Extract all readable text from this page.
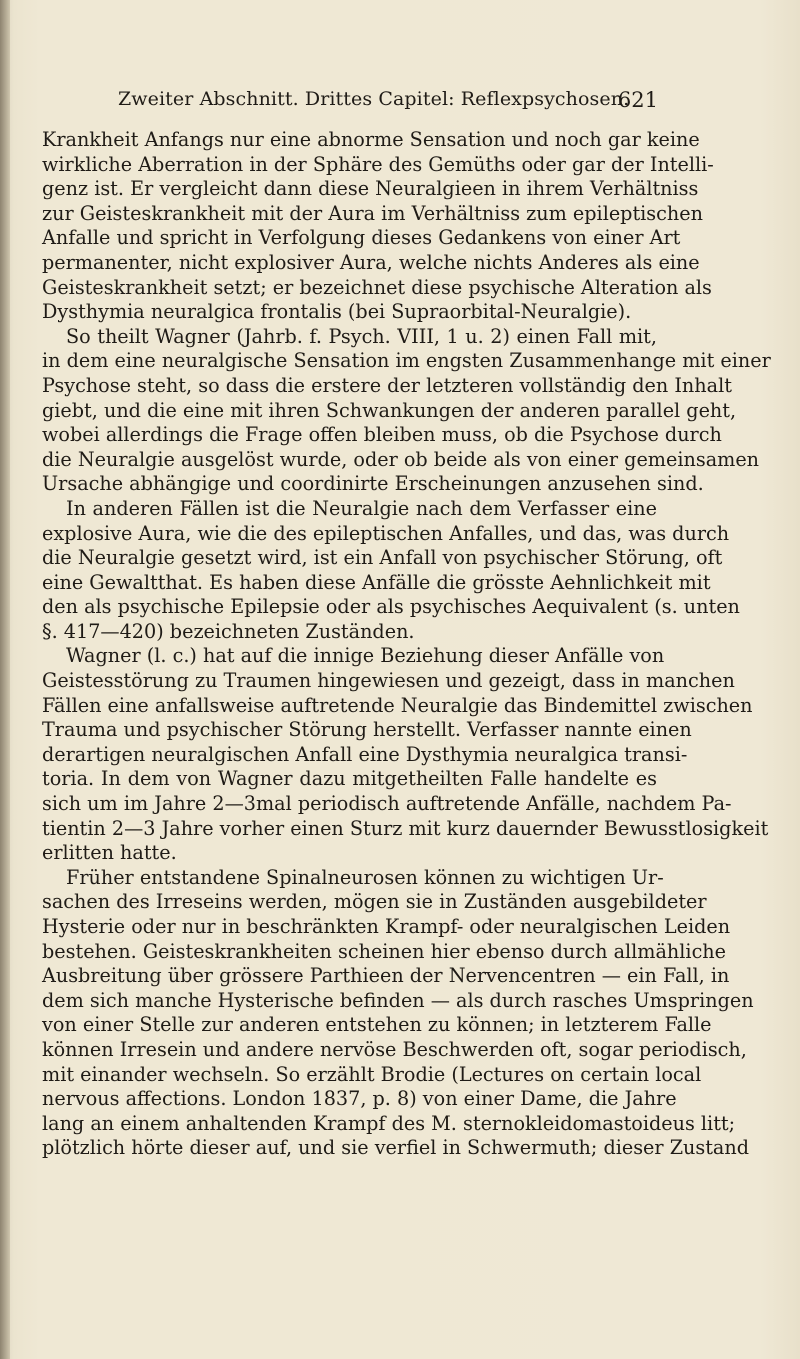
Zweiter Abschnitt. Drittes Capitel: Reflexpsychosen.
621
Krankheit Anfangs nur eine abnorme Sensation und noch gar keine
wirkliche Aberration in der Sphäre des Gemüths oder gar der Intelli-
genz ist. Er vergleicht dann diese Neuralgieen in ihrem Verhältniss
zur Geisteskrankheit mit der Aura im Verhältniss zum epileptischen
Anfalle und spricht in Verfolgung dieses Gedankens von einer Art
permanenter, nicht explosiver Aura, welche nichts Anderes als eine
Geisteskrankheit setzt; er bezeichnet diese psychische Alteration als
Dysthymia neuralgica frontalis (bei Supraorbital-Neuralgie).
So theilt Wagner (Jahrb. f. Psych. VIII, 1 u. 2) einen Fall mit,
in dem eine neuralgische Sensation im engsten Zusammenhange mit einer
Psychose steht, so dass die erstere der letzteren vollständig den Inhalt
giebt, und die eine mit ihren Schwankungen der anderen parallel geht,
wobei allerdings die Frage offen bleiben muss, ob die Psychose durch
die Neuralgie ausgelöst wurde, oder ob beide als von einer gemeinsamen
Ursache abhängige und coordinirte Erscheinungen anzusehen sind.
In anderen Fällen ist die Neuralgie nach dem Verfasser eine
explosive Aura, wie die des epileptischen Anfalles, und das, was durch
die Neuralgie gesetzt wird, ist ein Anfall von psychischer Störung, oft
eine Gewaltthat. Es haben diese Anfälle die grösste Aehnlichkeit mit
den als psychische Epilepsie oder als psychisches Aequivalent (s. unten
§. 417—420) bezeichneten Zuständen.
Wagner (l. c.) hat auf die innige Beziehung dieser Anfälle von
Geistesstörung zu Traumen hingewiesen und gezeigt, dass in manchen
Fällen eine anfallsweise auftretende Neuralgie das Bindemittel zwischen
Trauma und psychischer Störung herstellt. Verfasser nannte einen
derartigen neuralgischen Anfall eine Dysthymia neuralgica transi-
toria. In dem von Wagner dazu mitgetheilten Falle handelte es
sich um im Jahre 2—3mal periodisch auftretende Anfälle, nachdem Pa-
tientin 2—3 Jahre vorher einen Sturz mit kurz dauernder Bewusstlosigkeit
erlitten hatte.
Früher entstandene Spinalneurosen können zu wichtigen Ur-
sachen des Irreseins werden, mögen sie in Zuständen ausgebildeter
Hysterie oder nur in beschränkten Krampf- oder neuralgischen Leiden
bestehen. Geisteskrankheiten scheinen hier ebenso durch allmähliche
Ausbreitung über grössere Parthieen der Nervencentren — ein Fall, in
dem sich manche Hysterische befinden — als durch rasches Umspringen
von einer Stelle zur anderen entstehen zu können; in letzterem Falle
können Irresein und andere nervöse Beschwerden oft, sogar periodisch,
mit einander wechseln. So erzählt Brodie (Lectures on certain local
nervous affections. London 1837, p. 8) von einer Dame, die Jahre
lang an einem anhaltenden Krampf des M. sternokleidomastoideus litt;
plötzlich hörte dieser auf, und sie verfiel in Schwermuth; dieser Zustand
